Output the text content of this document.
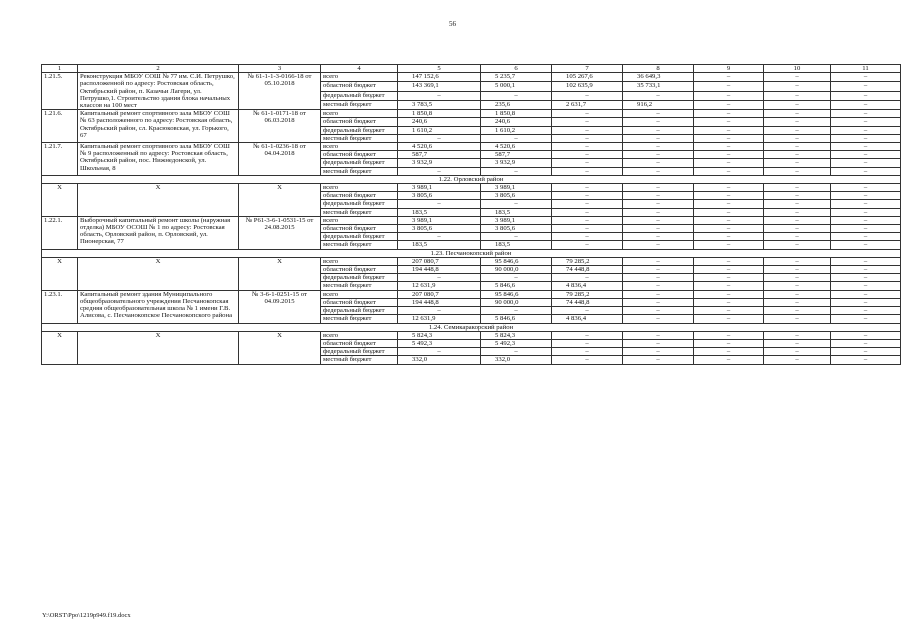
56
1	2	3	4	5	6	7	8	9	10	11
1.21.5.	Реконструкция МБОУ СОШ № 77 им. С.И. Петрушко, расположенной по адресу: Ростовская область, Октябрьский район, п. Казачьи Лагери, ул. Петрушко,1. Строительство здания блока начальных классов на 100 мест	№ 61-1-1-3-0166-18 от 05.10.2018	всего	147 152,6	5 235,7	105 267,6	36 649,3	–	–	–
			областной бюджет	143 369,1	5 000,1	102 635,9	35 733,1	–	–	–
			федеральный бюджет	–	–	–	–	–	–	–
			местный бюджет	3 783,5	235,6	2 631,7	916,2	–	–	–
1.21.6.	Капитальный ремонт спортивного зала МБОУ СОШ № 63 расположенного по адресу: Ростовская область, Октябрьский район, сл. Красюковская, ул. Горького, 67	№ 61-1-0171-18 от 06.03.2018	всего	1 850,8	1 850,8	–	–	–	–	–
			областной бюджет	240,6	240,6	–	–	–	–	–
			федеральный бюджет	1 610,2	1 610,2	–	–	–	–	–
			местный бюджет	–	–	–	–	–	–	–
1.21.7.	Капитальный ремонт спортивного зала МБОУ СОШ № 9 расположенный по адресу: Ростовская область, Октябрьский район, пос. Нижнедонской, ул. Школьная, 8	№ 61-1-0236-18 от 04.04.2018	всего	4 520,6	4 520,6	–	–	–	–	–
			областной бюджет	587,7	587,7	–	–	–	–	–
			федеральный бюджет	3 932,9	3 932,9	–	–	–	–	–
			местный бюджет	–	–	–	–	–	–	–
1.22. Орловский район										
X	X	X	всего	3 989,1	3 989,1	–	–	–	–	–
			областной бюджет	3 805,6	3 805,6	–	–	–	–	–
			федеральный бюджет	–	–	–	–	–	–	–
			местный бюджет	183,5	183,5	–	–	–	–	–
1.22.1.	Выборочный капитальный ремонт школы (наружная отделка) МБОУ ОСОШ № 1 по адресу: Ростовская область, Орловский район, п. Орловский, ул. Пионерская, 77	№ Р61-3-6-1-0531-15 от 24.08.2015	всего	3 989,1	3 989,1	–	–	–	–	–
			областной бюджет	3 805,6	3 805,6	–	–	–	–	–
			федеральный бюджет	–	–	–	–	–	–	–
			местный бюджет	183,5	183,5	–	–	–	–	–
1.23. Песчанокопский район										
X	X	X	всего	207 080,7	95 846,6	79 285,2	–	–	–	–
			областной бюджет	194 448,8	90 000,0	74 448,8	–	–	–	–
			федеральный бюджет	–	–	–	–	–	–	–
			местный бюджет	12 631,9	5 846,6	4 836,4	–	–	–	–
1.23.1.	Капитальный ремонт здания Муниципального общеобразовательного учреждения Песчанокопская средняя общеобразовательная школа № 1 имени Г.В. Алисова, с. Песчанокопское Песчанокопского района	№ 3-6-1-0251-15 от 04.09.2015	всего	207 080,7	95 846,6	79 285,2	–	–	–	–
			областной бюджет	194 448,8	90 000,0	74 448,8	–	–	–	–
			федеральный бюджет	–	–	–	–	–	–	–
			местный бюджет	12 631,9	5 846,6	4 836,4	–	–	–	–
1.24. Семикаракорский район										
X	X	X	всего	5 824,3	5 824,3	–	–	–	–	–
			областной бюджет	5 492,3	5 492,3	–	–	–	–	–
			федеральный бюджет	–	–	–	–	–	–	–
			местный бюджет	332,0	332,0	–	–	–	–	–
Y:\ORST\Ppo\1219p949.f19.docx
